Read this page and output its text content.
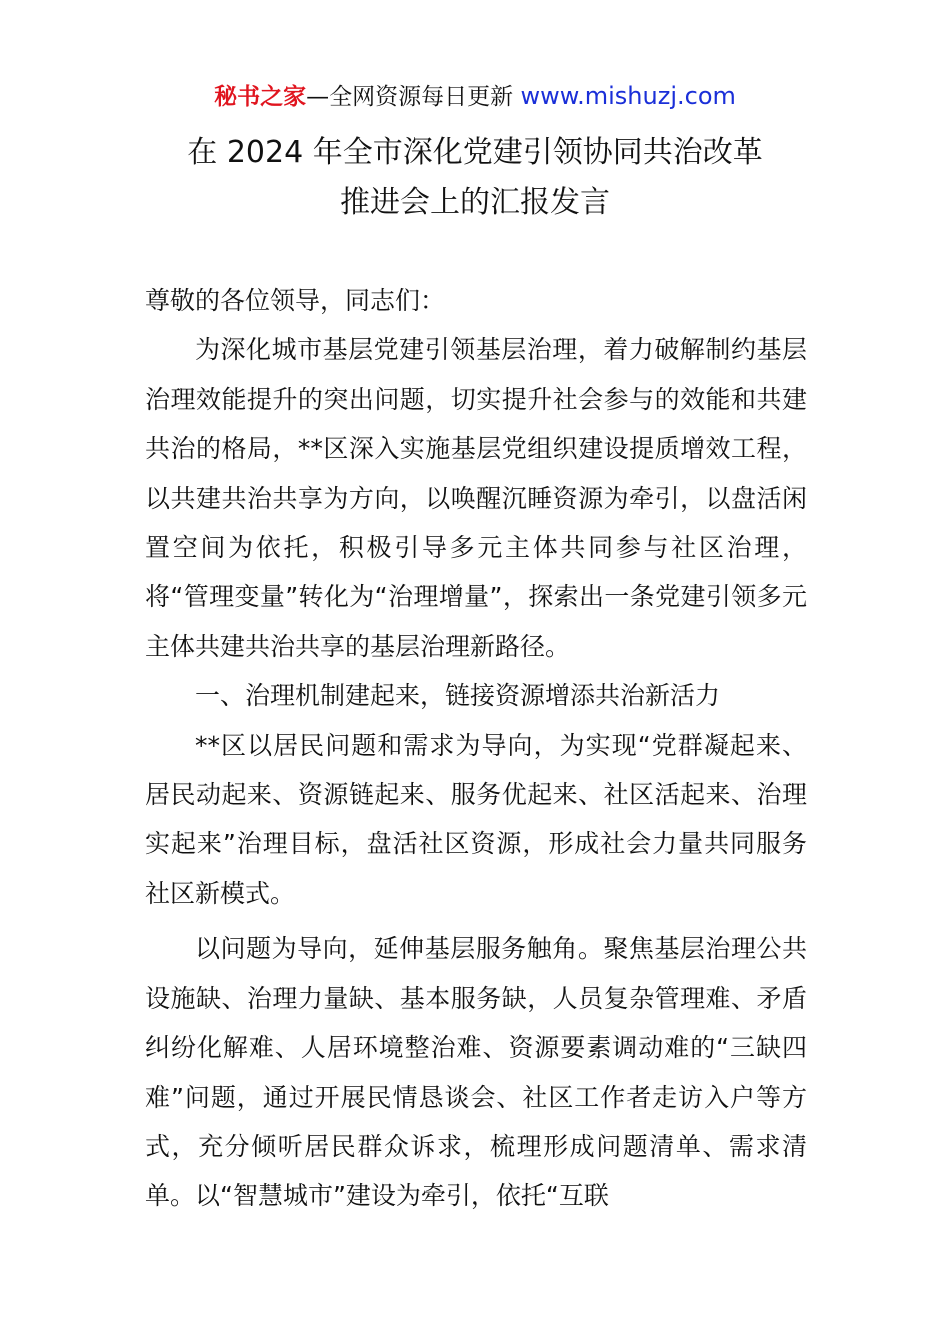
秘书之家—全网资源每日更新 www.mishuzj.com
在 2024 年全市深化党建引领协同共治改革
推进会上的汇报发言

尊敬的各位领导，同志们：

为深化城市基层党建引领基层治理，着力破解制约基层治理效能提升的突出问题，切实提升社会参与的效能和共建共治的格局，**区深入实施基层党组织建设提质增效工程，以共建共治共享为方向，以唤醒沉睡资源为牵引，以盘活闲置空间为依托，积极引导多元主体共同参与社区治理，将“管理变量”转化为“治理增量”，探索出一条党建引领多元主体共建共治共享的基层治理新路径。

一、治理机制建起来，链接资源增添共治新活力

**区以居民问题和需求为导向，为实现“党群凝起来、居民动起来、资源链起来、服务优起来、社区活起来、治理实起来”治理目标，盘活社区资源，形成社会力量共同服务社区新模式。

以问题为导向，延伸基层服务触角。聚焦基层治理公共设施缺、治理力量缺、基本服务缺，人员复杂管理难、矛盾纠纷化解难、人居环境整治难、资源要素调动难的“三缺四难”问题，通过开展民情恳谈会、社区工作者走访入户等方式，充分倾听居民群众诉求，梳理形成问题清单、需求清单。以“智慧城市”建设为牵引，依托“互联
